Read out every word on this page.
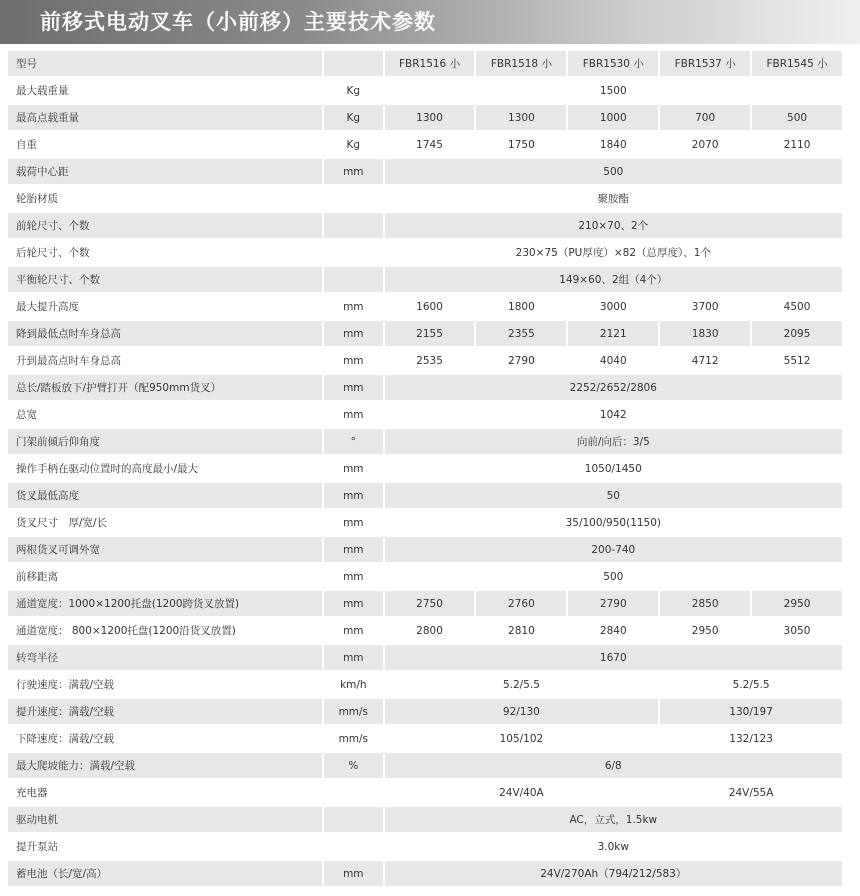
前移式电动叉车（小前移）主要技术参数
型号		FBR1516 小	FBR1518 小	FBR1530 小	FBR1537 小	FBR1545 小
最大载重量	Kg	1500				
最高点载重量	Kg	1300	1300	1000	700	500
自重	Kg	1745	1750	1840	2070	2110
载荷中心距	mm	500				
轮胎材质		聚胺酯				
前轮尺寸、个数		210×70、2个				
后轮尺寸、个数		230×75（PU厚度）×82（总厚度）、1个				
平衡轮尺寸、个数		149×60、2组（4个）				
最大提升高度	mm	1600	1800	3000	3700	4500
降到最低点时车身总高	mm	2155	2355	2121	1830	2095
升到最高点时车身总高	mm	2535	2790	4040	4712	5512
总长/踏板放下/护臂打开（配950mm货叉）	mm	2252/2652/2806				
总宽	mm	1042				
门架前倾后仰角度	°	向前/向后：3/5				
操作手柄在驱动位置时的高度最小/最大	mm	1050/1450				
货叉最低高度	mm	50				
货叉尺寸　厚/宽/长	mm	35/100/950(1150)				
两根货叉可调外宽	mm	200-740				
前移距离	mm	500				
通道宽度：1000×1200托盘(1200跨货叉放置)	mm	2750	2760	2790	2850	2950
通道宽度： 800×1200托盘(1200沿货叉放置)	mm	2800	2810	2840	2950	3050
转弯半径	mm	1670				
行驶速度：满载/空载	km/h	5.2/5.5			5.2/5.5	
提升速度：满载/空载	mm/s	92/130			130/197	
下降速度：满载/空载	mm/s	105/102			132/123	
最大爬坡能力：满载/空载	%	6/8				
充电器		24V/40A			24V/55A	
驱动电机		AC，立式，1.5kw				
提升泵站		3.0kw				
蓄电池（长/宽/高）	mm	24V/270Ah（794/212/583）				
